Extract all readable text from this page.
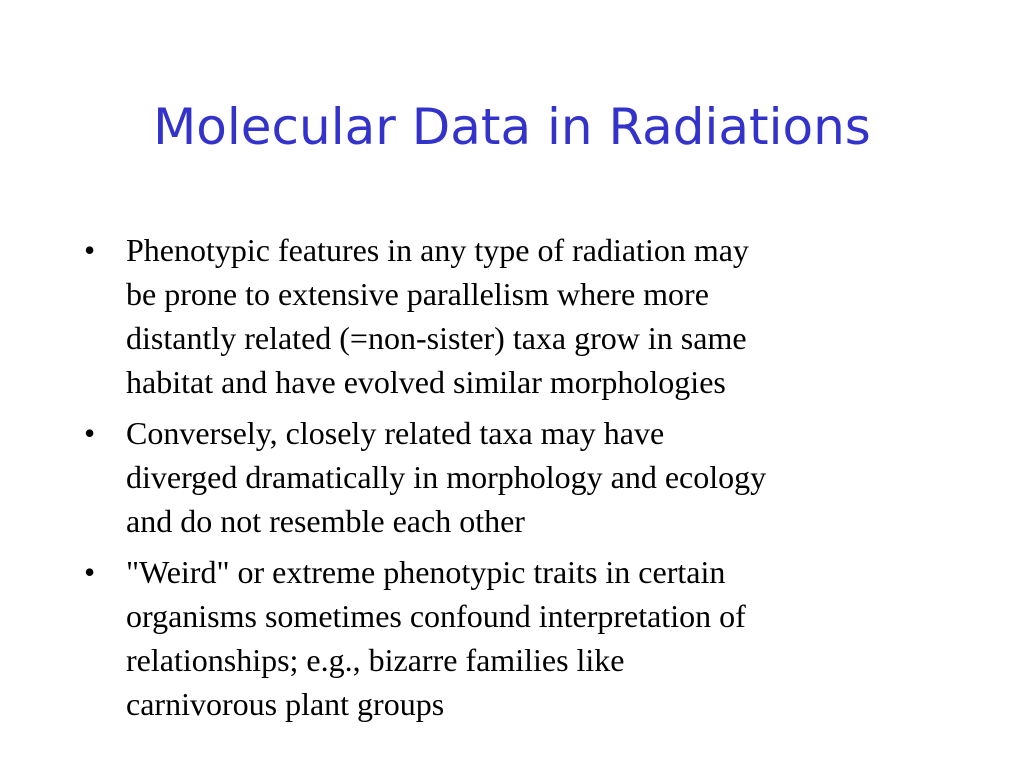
Molecular Data in Radiations
• Phenotypic features in any type of radiation may
be prone to extensive parallelism where more
distantly related (=non-sister) taxa grow in same
habitat and have evolved similar morphologies
• Conversely, closely related taxa may have
diverged dramatically in morphology and ecology
and do not resemble each other
• "Weird" or extreme phenotypic traits in certain
organisms sometimes confound interpretation of
relationships; e.g., bizarre families like
carnivorous plant groups
